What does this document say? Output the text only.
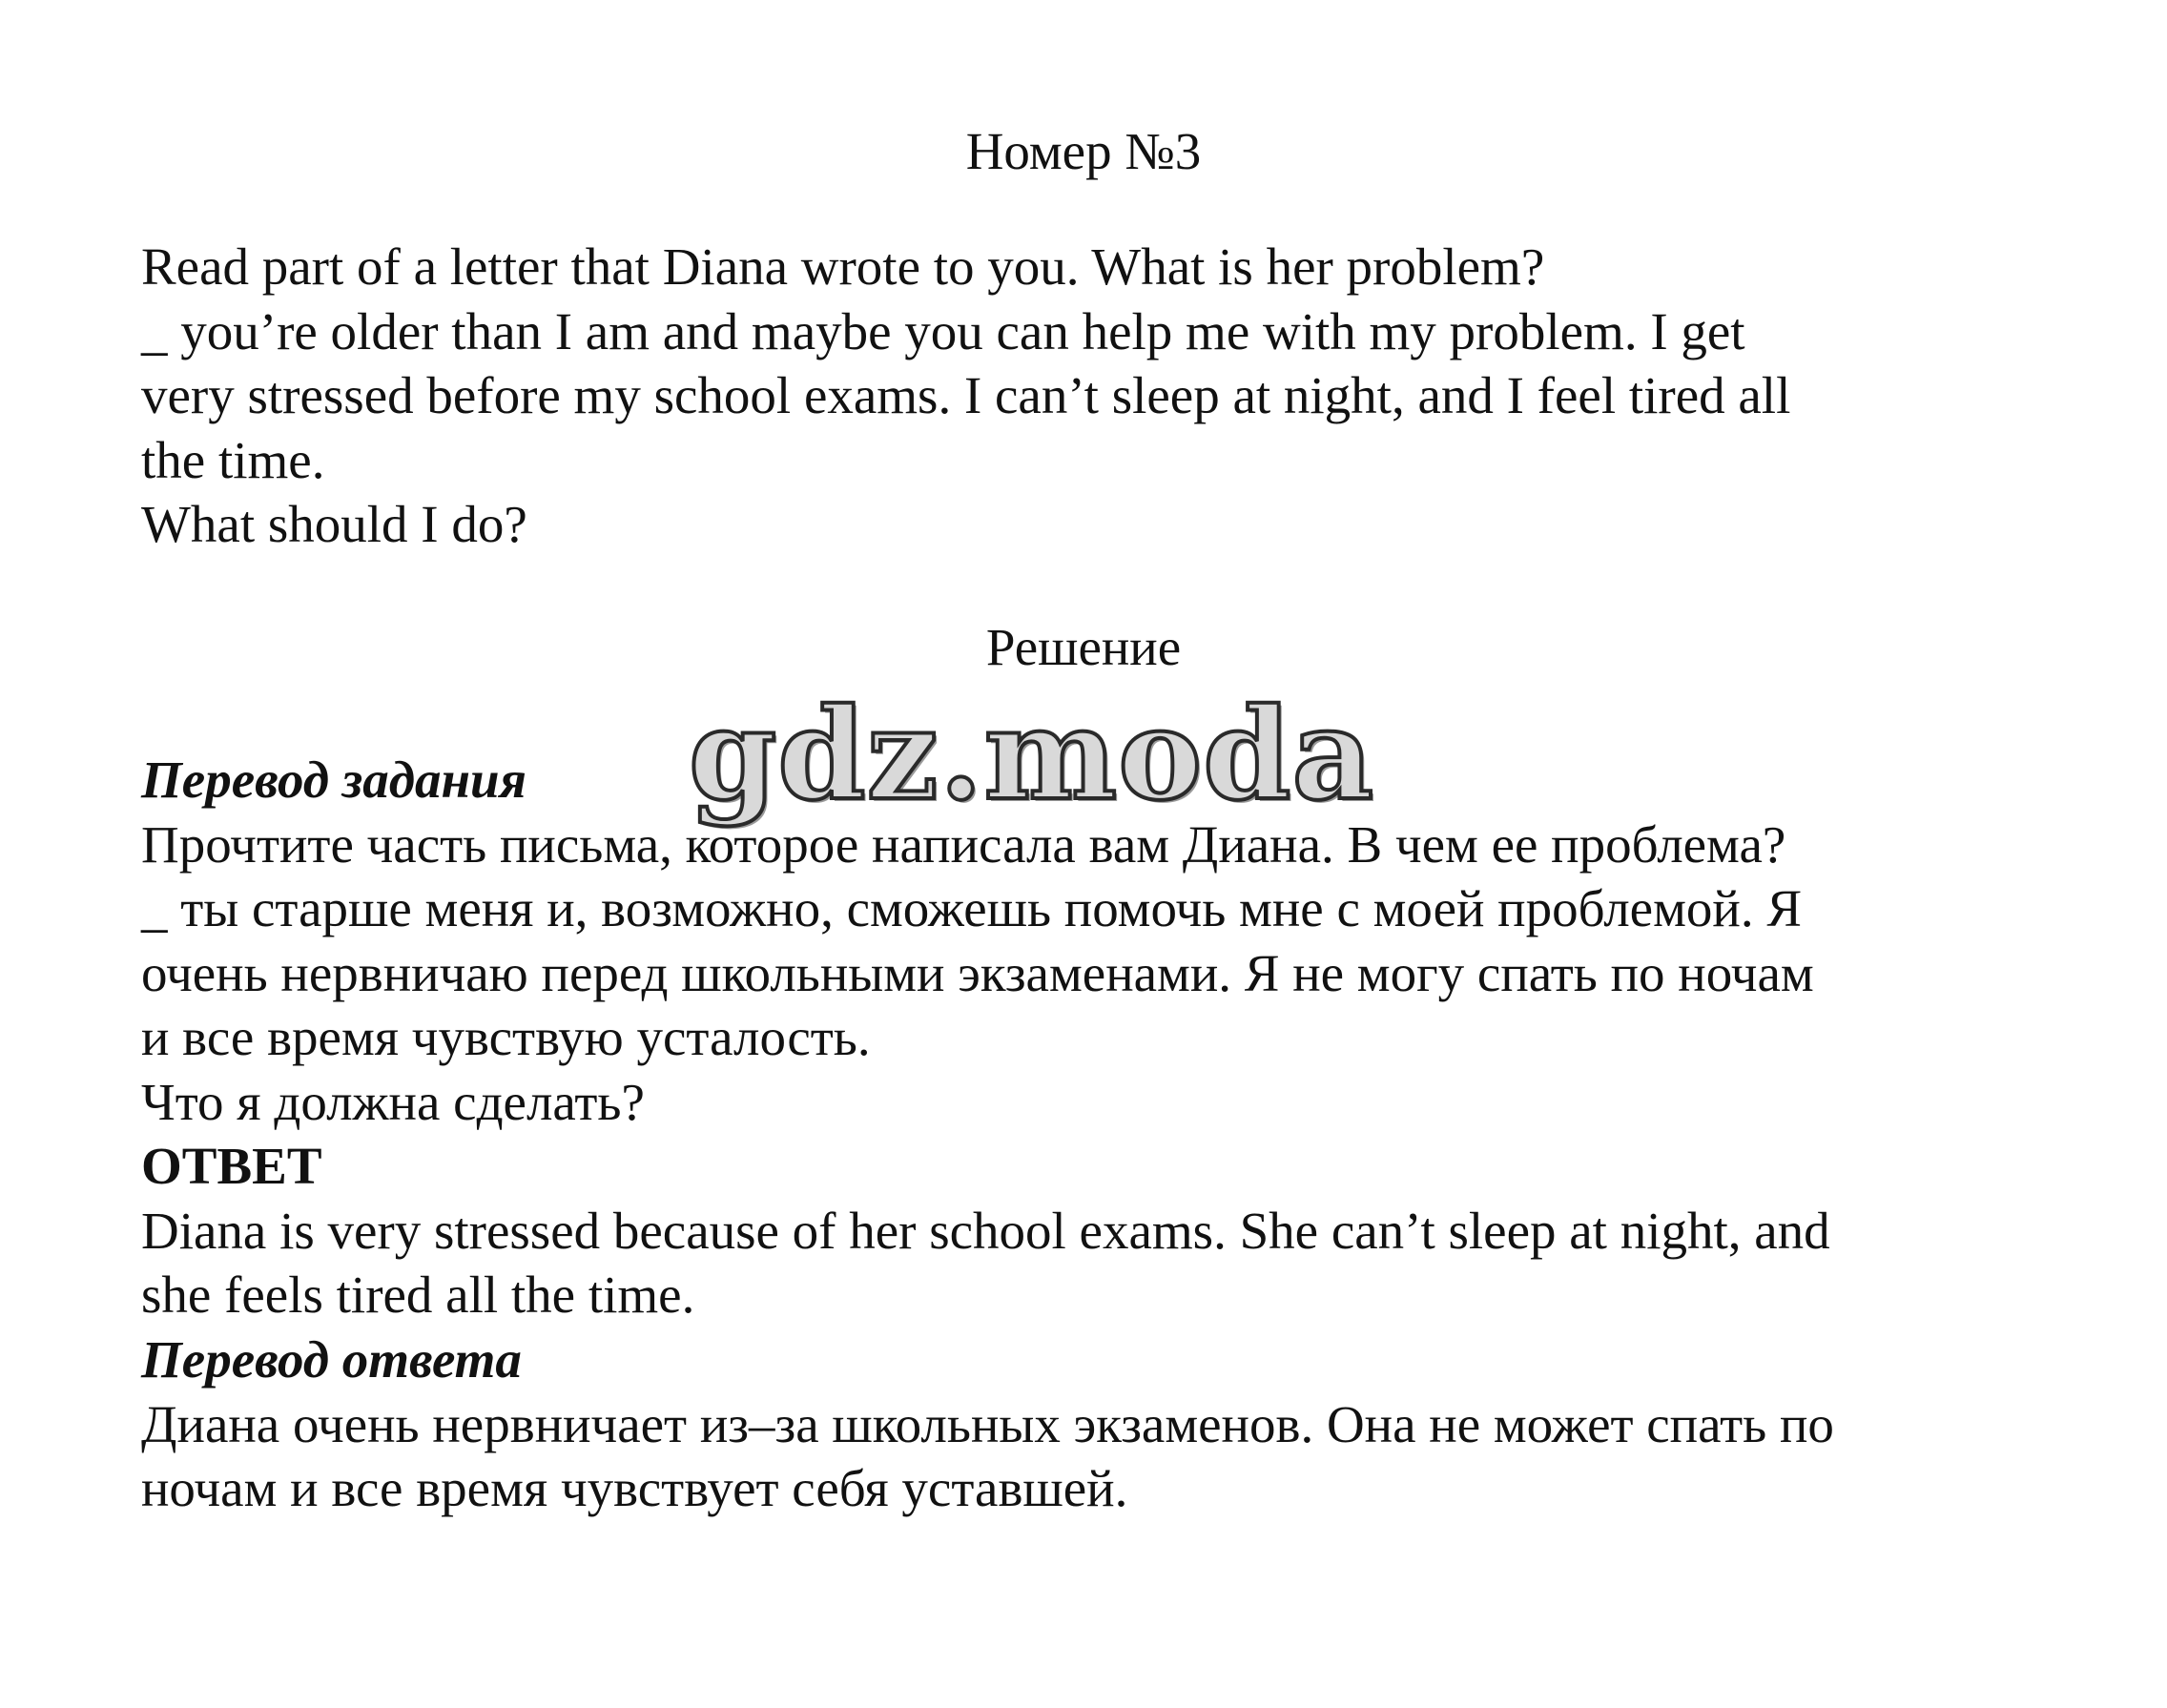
Номер №3

Read part of a letter that Diana wrote to you. What is her problem?

_ you’re older than I am and maybe you can help me with my problem. I get

very stressed before my school exams. I can’t sleep at night, and I feel tired all

the time.

What should I do?

Решение
gdz.moda
Перевод задания

Прочтите часть письма, которое написала вам Диана. В чем ее проблема?

_ ты старше меня и, возможно, сможешь помочь мне с моей проблемой. Я

очень нервничаю перед школьными экзаменами. Я не могу спать по ночам

и все время чувствую усталость.

Что я должна сделать?

ОТВЕТ

Diana is very stressed because of her school exams. She can’t sleep at night, and

she feels tired all the time.

Перевод ответа

Диана очень нервничает из–за школьных экзаменов. Она не может спать по

ночам и все время чувствует себя уставшей.
